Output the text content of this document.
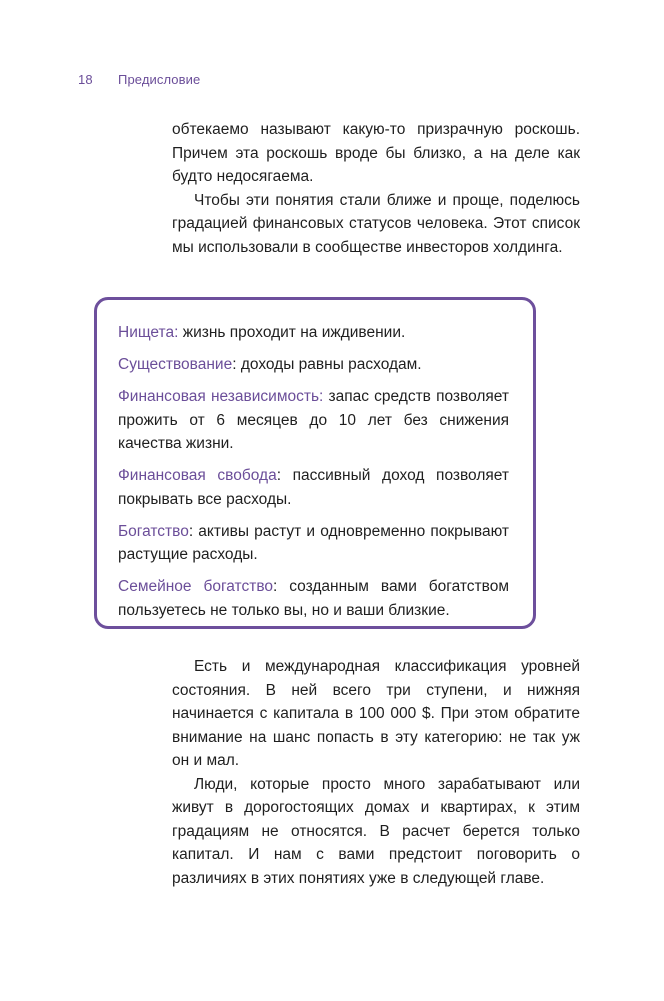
18 Предисловие

обтекаемо называют какую-то призрачную роскошь. Причем эта роскошь вроде бы близко, а на деле как будто недосягаема.

Чтобы эти понятия стали ближе и проще, поделюсь градацией финансовых статусов человека. Этот список мы использовали в сообществе инвесторов холдинга.

Нищета: жизнь проходит на иждивении.

Существование: доходы равны расходам.

Финансовая независимость: запас средств позволяет прожить от 6 месяцев до 10 лет без снижения качества жизни.

Финансовая свобода: пассивный доход позволяет покрывать все расходы.

Богатство: активы растут и одновременно покрывают растущие расходы.

Семейное богатство: созданным вами богатством пользуетесь не только вы, но и ваши близкие.

Есть и международная классификация уровней состояния. В ней всего три ступени, и нижняя начинается с капитала в 100 000 $. При этом обратите внимание на шанс попасть в эту категорию: не так уж он и мал.

Люди, которые просто много зарабатывают или живут в дорогостоящих домах и квартирах, к этим градациям не относятся. В расчет берется только капитал. И нам с вами предстоит поговорить о различиях в этих понятиях уже в следующей главе.
